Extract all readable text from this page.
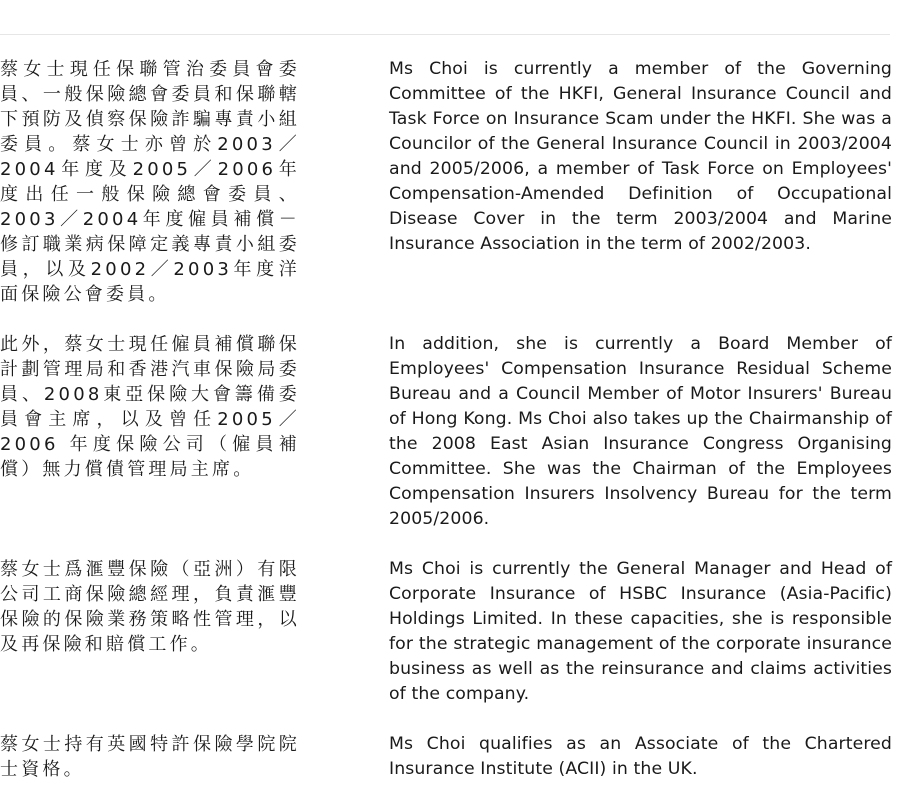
蔡女士現任保聯管治委員會委員、一般保險總會委員和保聯轄下預防及偵察保險詐騙專責小組委員。蔡女士亦曾於2003／2004年度及2005／2006年度出任一般保險總會委員、2003／2004年度僱員補償－修訂職業病保障定義專責小組委員，以及2002／2003年度洋面保險公會委員。
Ms Choi is currently a member of the Governing Committee of the HKFI, General Insurance Council and Task Force on Insurance Scam under the HKFI. She was a Councilor of the General Insurance Council in 2003/2004 and 2005/2006, a member of Task Force on Employees' Compensation-Amended Definition of Occupational Disease Cover in the term 2003/2004 and Marine Insurance Association in the term of 2002/2003.
此外，蔡女士現任僱員補償聯保計劃管理局和香港汽車保險局委員、2008東亞保險大會籌備委員會主席，以及曾任2005／2006 年度保險公司（僱員補償）無力償債管理局主席。
In addition, she is currently a Board Member of Employees' Compensation Insurance Residual Scheme Bureau and a Council Member of Motor Insurers' Bureau of Hong Kong. Ms Choi also takes up the Chairmanship of the 2008 East Asian Insurance Congress Organising Committee. She was the Chairman of the Employees Compensation Insurers Insolvency Bureau for the term 2005/2006.
蔡女士爲滙豐保險（亞洲）有限公司工商保險總經理，負責滙豐保險的保險業務策略性管理，以及再保險和賠償工作。
Ms Choi is currently the General Manager and Head of Corporate Insurance of HSBC Insurance (Asia-Pacific) Holdings Limited. In these capacities, she is responsible for the strategic management of the corporate insurance business as well as the reinsurance and claims activities of the company.
蔡女士持有英國特許保險學院院士資格。
Ms Choi qualifies as an Associate of the Chartered Insurance Institute (ACII) in the UK.
